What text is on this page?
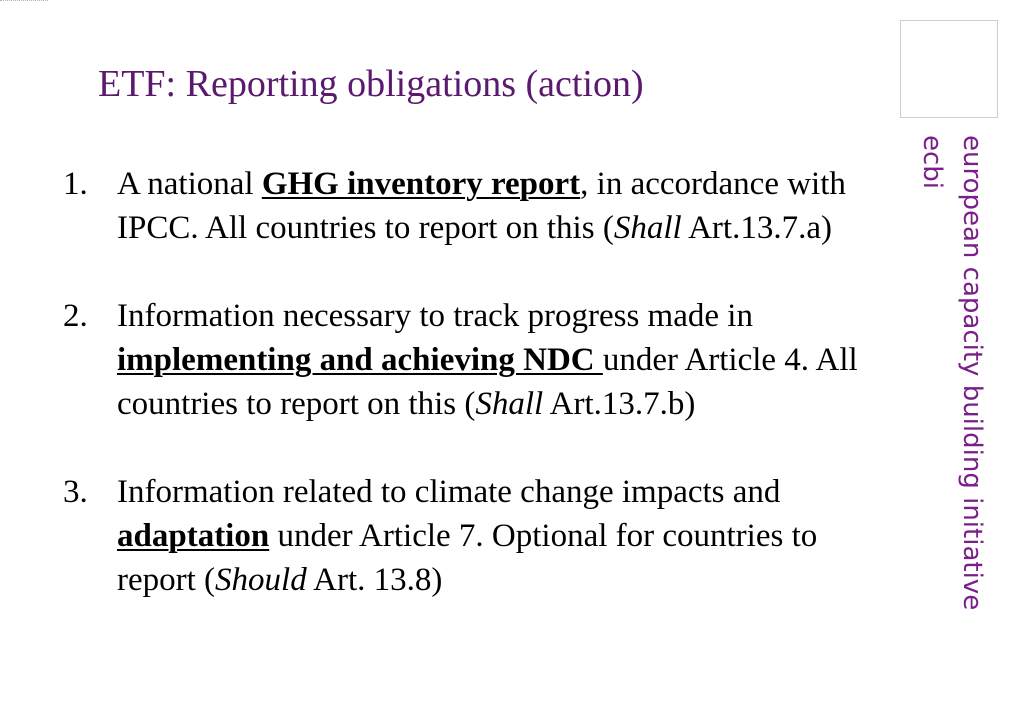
ETF: Reporting obligations (action)
european capacity building initiative
ecbi
1. A national GHG inventory report, in accordance with IPCC. All countries to report on this (Shall Art.13.7.a)
2. Information necessary to track progress made in implementing and achieving NDC under Article 4. All countries to report on this (Shall Art.13.7.b)
3. Information related to climate change impacts and adaptation under Article 7. Optional for countries to report (Should Art. 13.8)
